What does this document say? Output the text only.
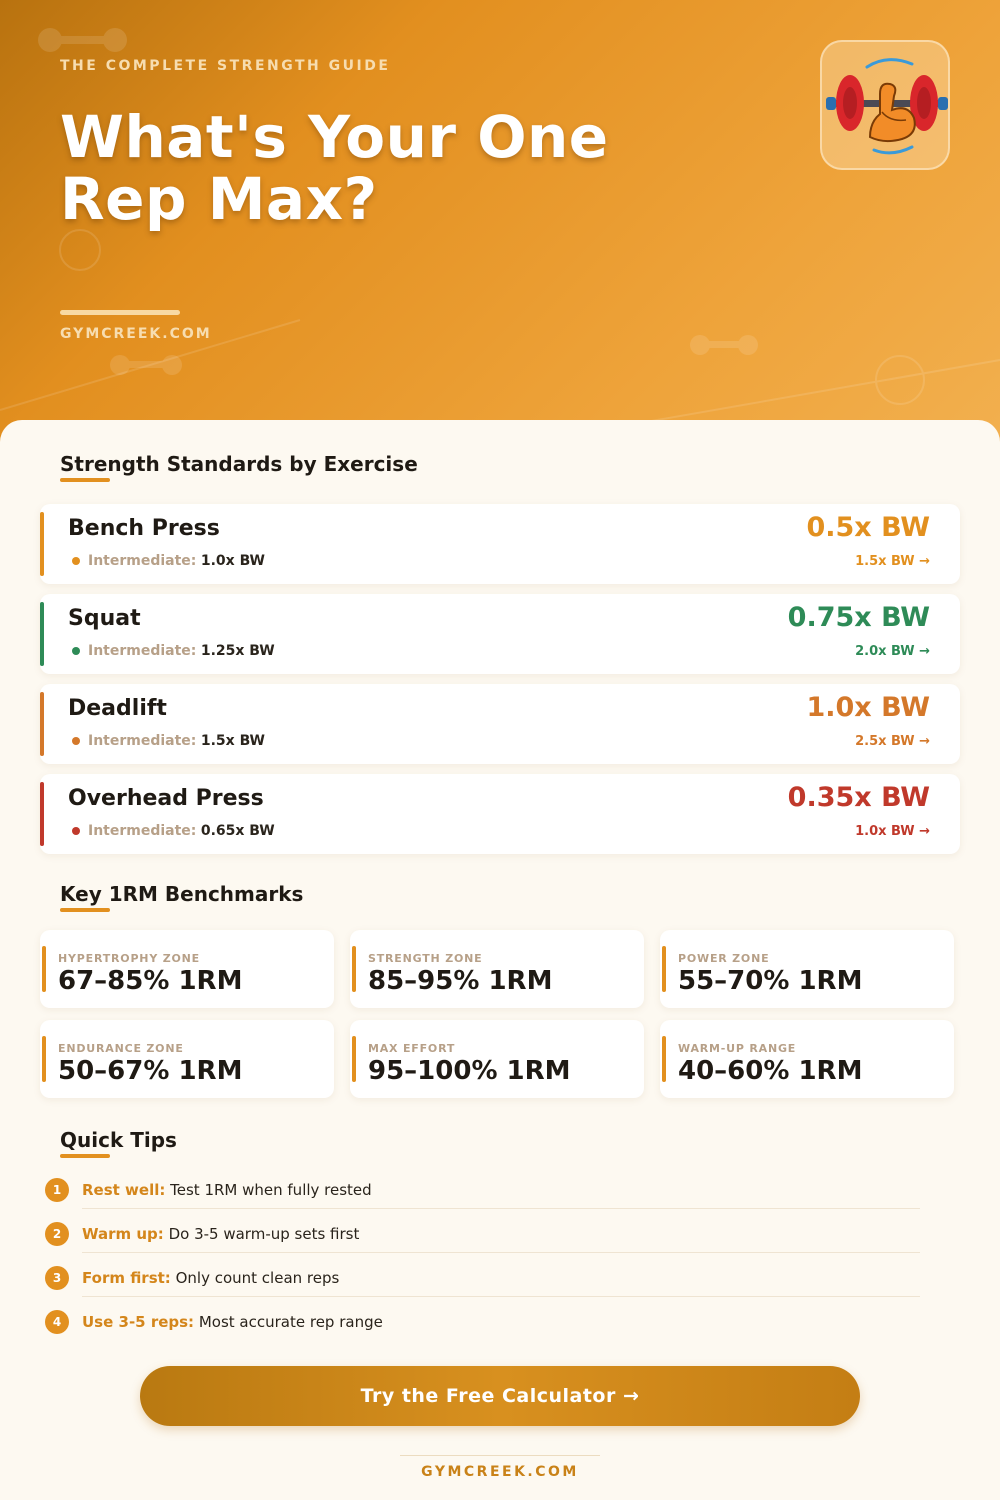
THE COMPLETE STRENGTH GUIDE
What's Your One Rep Max?
GYMCREEK.COM
Strength Standards by Exercise
Bench Press
Intermediate: 1.0x BW
0.5x BW
1.5x BW →
Squat
Intermediate: 1.25x BW
0.75x BW
2.0x BW →
Deadlift
Intermediate: 1.5x BW
1.0x BW
2.5x BW →
Overhead Press
Intermediate: 0.65x BW
0.35x BW
1.0x BW →
Key 1RM Benchmarks
HYPERTROPHY ZONE
67–85% 1RM
STRENGTH ZONE
85–95% 1RM
POWER ZONE
55–70% 1RM
ENDURANCE ZONE
50–67% 1RM
MAX EFFORT
95–100% 1RM
WARM-UP RANGE
40–60% 1RM
Quick Tips
1	Rest well: Test 1RM when fully rested
2	Warm up: Do 3-5 warm-up sets first
3	Form first: Only count clean reps
4	Use 3-5 reps: Most accurate rep range
Try the Free Calculator →
GYMCREEK.COM
